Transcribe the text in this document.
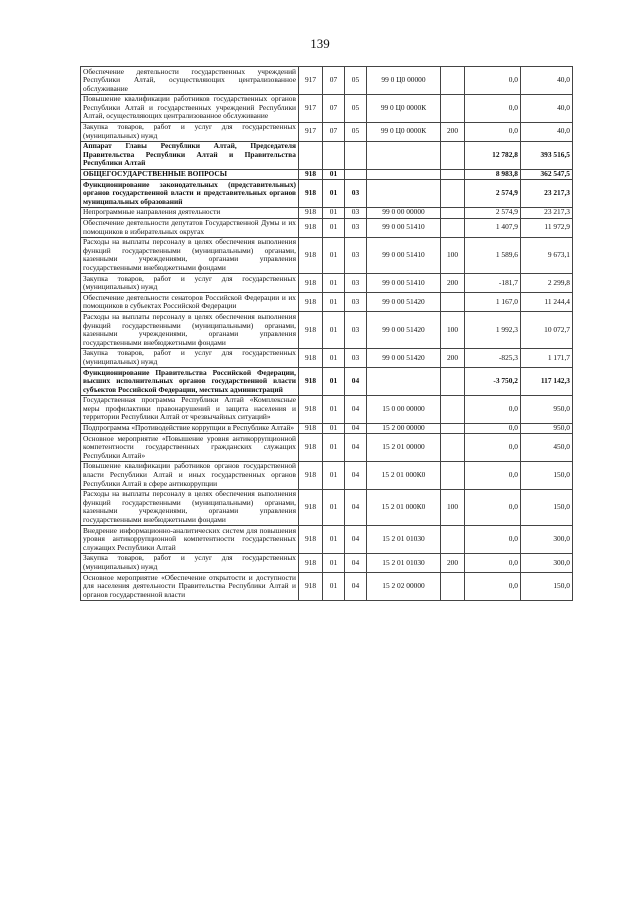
139
Обеспечение деятельности государственных учреждений Республики Алтай, осуществляющих централизованное обслуживание	917	07	05	99 0 Ц0 00000		0,0	40,0
Повышение квалификации работников государственных органов Республики Алтай и государственных учреждений Республики Алтай, осуществляющих централизованное обслуживание	917	07	05	99 0 Ц0 0000К		0,0	40,0
Закупка товаров, работ и услуг для государственных (муниципальных) нужд	917	07	05	99 0 Ц0 0000К	200	0,0	40,0
Аппарат Главы Республики Алтай, Председателя Правительства Республики Алтай и Правительства Республики Алтай						12 782,8	393 516,5
ОБЩЕГОСУДАРСТВЕННЫЕ ВОПРОСЫ	918	01				8 983,8	362 547,5
Функционирование законодательных (представительных) органов государственной власти и представительных органов муниципальных образований	918	01	03			2 574,9	23 217,3
Непрограммные направления деятельности	918	01	03	99 0 00 00000		2 574,9	23 217,3
Обеспечение деятельности депутатов Государственной Думы и их помощников в избирательных округах	918	01	03	99 0 00 51410		1 407,9	11 972,9
Расходы на выплаты персоналу в целях обеспечения выполнения функций государственными (муниципальными) органами, казенными учреждениями, органами управления государственными внебюджетными фондами	918	01	03	99 0 00 51410	100	1 589,6	9 673,1
Закупка товаров, работ и услуг для государственных (муниципальных) нужд	918	01	03	99 0 00 51410	200	-181,7	2 299,8
Обеспечение деятельности сенаторов Российской Федерации и их помощников в субъектах Российской Федерации	918	01	03	99 0 00 51420		1 167,0	11 244,4
Расходы на выплаты персоналу в целях обеспечения выполнения функций государственными (муниципальными) органами, казенными учреждениями, органами управления государственными внебюджетными фондами	918	01	03	99 0 00 51420	100	1 992,3	10 072,7
Закупка товаров, работ и услуг для государственных (муниципальных) нужд	918	01	03	99 0 00 51420	200	-825,3	1 171,7
Функционирование Правительства Российской Федерации, высших исполнительных органов государственной власти субъектов Российской Федерации, местных администраций	918	01	04			-3 750,2	117 142,3
Государственная программа Республики Алтай «Комплексные меры профилактики правонарушений и защита населения и территории Республики Алтай от чрезвычайных ситуаций»	918	01	04	15 0 00 00000		0,0	950,0
Подпрограмма «Противодействие коррупции в Республике Алтай»	918	01	04	15 2 00 00000		0,0	950,0
Основное мероприятие «Повышение уровня антикоррупционной компетентности государственных гражданских служащих Республики Алтай»	918	01	04	15 2 01 00000		0,0	450,0
Повышение квалификации работников органов государственной власти Республики Алтай и иных государственных органов Республики Алтай в сфере антикоррупции	918	01	04	15 2 01 000К0		0,0	150,0
Расходы на выплаты персоналу в целях обеспечения выполнения функций государственными (муниципальными) органами, казенными учреждениями, органами управления государственными внебюджетными фондами	918	01	04	15 2 01 000К0	100	0,0	150,0
Внедрение информационно-аналитических систем для повышения уровня антикоррупционной компетентности государственных служащих Республики Алтай	918	01	04	15 2 01 01030		0,0	300,0
Закупка товаров, работ и услуг для государственных (муниципальных) нужд	918	01	04	15 2 01 01030	200	0,0	300,0
Основное мероприятие «Обеспечение открытости и доступности для населения деятельности Правительства Республики Алтай и органов государственной власти	918	01	04	15 2 02 00000		0,0	150,0
